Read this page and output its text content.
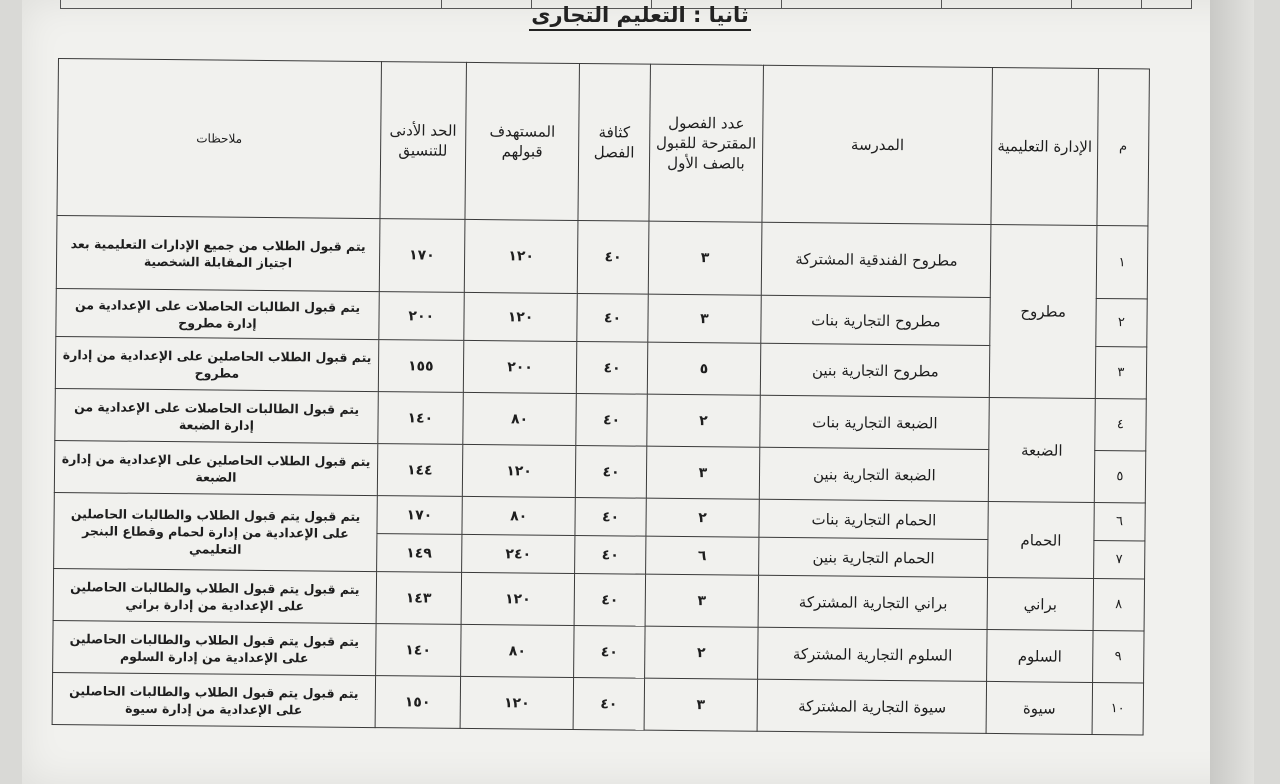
ثانيا : التعليم التجارى
م	الإدارة التعليمية	المدرسة	عدد الفصول المقترحة للقبول بالصف الأول	كثافة الفصل	المستهدف قبولهم	الحد الأدنى للتنسيق	ملاحظات
١	مطروح	مطروح الفندقية المشتركة	٣	٤٠	١٢٠	١٧٠	يتم قبول الطلاب من جميع الإدارات التعليمية بعد اجتياز المقابلة الشخصية
٢		مطروح التجارية بنات	٣	٤٠	١٢٠	٢٠٠	يتم قبول الطالبات الحاصلات على الإعدادية من إدارة مطروح
٣		مطروح التجارية بنين	٥	٤٠	٢٠٠	١٥٥	يتم قبول الطلاب الحاصلين على الإعدادية من إدارة مطروح
٤	الضبعة	الضبعة التجارية بنات	٢	٤٠	٨٠	١٤٠	يتم قبول الطالبات الحاصلات على الإعدادية من إدارة الضبعة
٥		الضبعة التجارية بنين	٣	٤٠	١٢٠	١٤٤	يتم قبول الطلاب الحاصلين على الإعدادية من إدارة الضبعة
٦	الحمام	الحمام التجارية بنات	٢	٤٠	٨٠	١٧٠	يتم قبول يتم قبول الطلاب والطالبات الحاصلين على الإعدادية من إدارة لحمام وقطاع البنجر التعليمي
٧		الحمام التجارية بنين	٦	٤٠	٢٤٠	١٤٩	
٨	براني	براني التجارية المشتركة	٣	٤٠	١٢٠	١٤٣	يتم قبول يتم قبول الطلاب والطالبات الحاصلين على الإعدادية من إدارة براني
٩	السلوم	السلوم التجارية المشتركة	٢	٤٠	٨٠	١٤٠	يتم قبول يتم قبول الطلاب والطالبات الحاصلين على الإعدادية من إدارة السلوم
١٠	سيوة	سيوة التجارية المشتركة	٣	٤٠	١٢٠	١٥٠	يتم قبول يتم قبول الطلاب والطالبات الحاصلين على الإعدادية من إدارة سيوة
